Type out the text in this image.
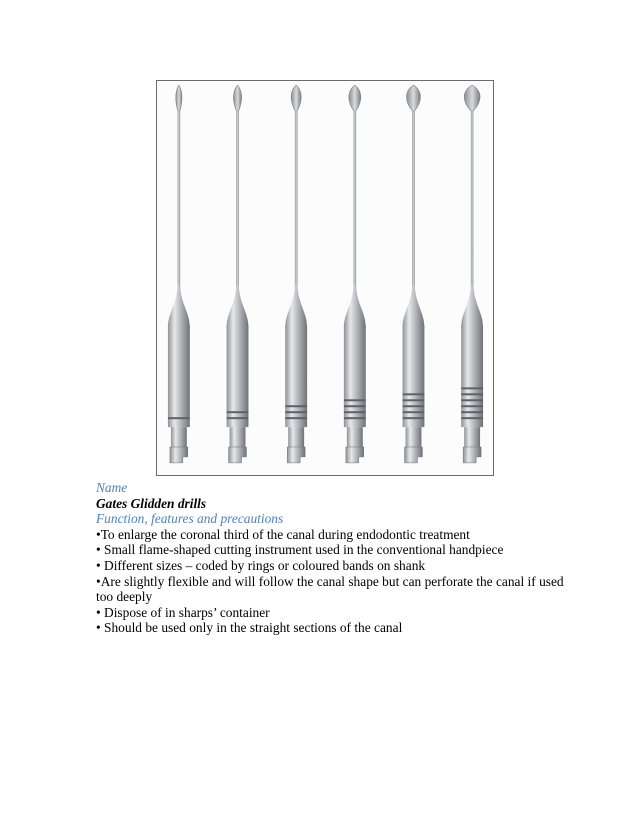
Name
Gates Glidden drills
Function, features and precautions

•To enlarge the coronal third of the canal during endodontic treatment

• Small flame-shaped cutting instrument used in the conventional handpiece

• Different sizes – coded by rings or coloured bands on shank

•Are slightly flexible and will follow the canal shape but can perforate the canal if used too deeply

• Dispose of in sharps’ container

• Should be used only in the straight sections of the canal
